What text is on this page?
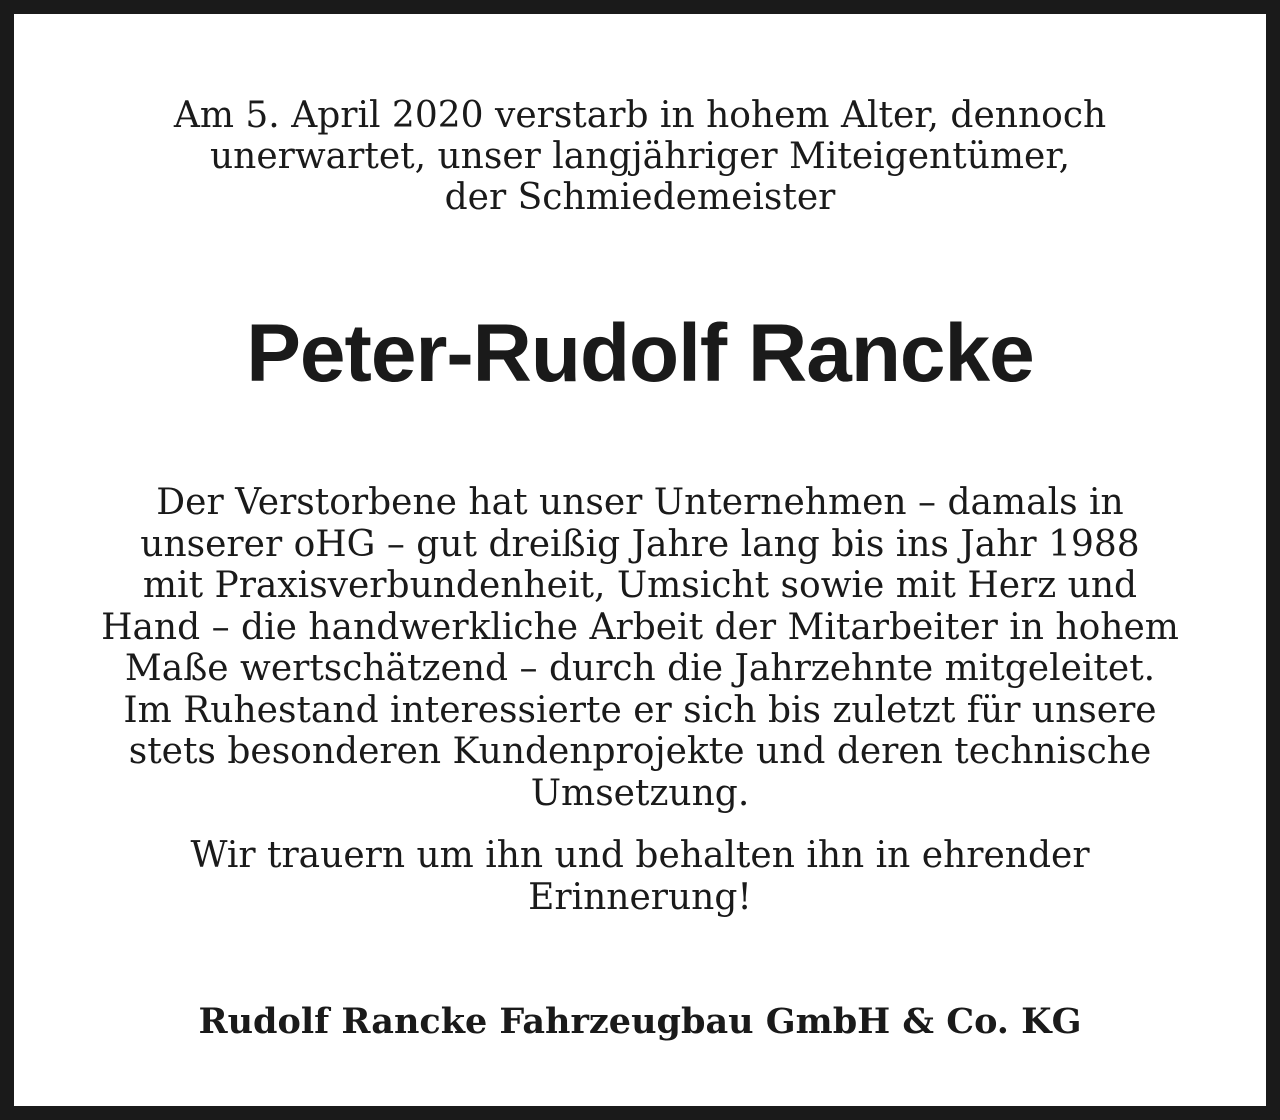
Am 5. April 2020 verstarb in hohem Alter, dennoch
unerwartet, unser langjähriger Miteigentümer,
der Schmiedemeister

Peter-Rudolf Rancke

Der Verstorbene hat unser Unternehmen – damals in
unserer oHG – gut dreißig Jahre lang bis ins Jahr 1988
mit Praxisverbundenheit, Umsicht sowie mit Herz und
Hand – die handwerkliche Arbeit der Mitarbeiter in hohem
Maße wertschätzend – durch die Jahrzehnte mitgeleitet.
Im Ruhestand interessierte er sich bis zuletzt für unsere
stets besonderen Kundenprojekte und deren technische
Umsetzung.

Wir trauern um ihn und behalten ihn in ehrender
Erinnerung!

Rudolf Rancke Fahrzeugbau GmbH & Co. KG
